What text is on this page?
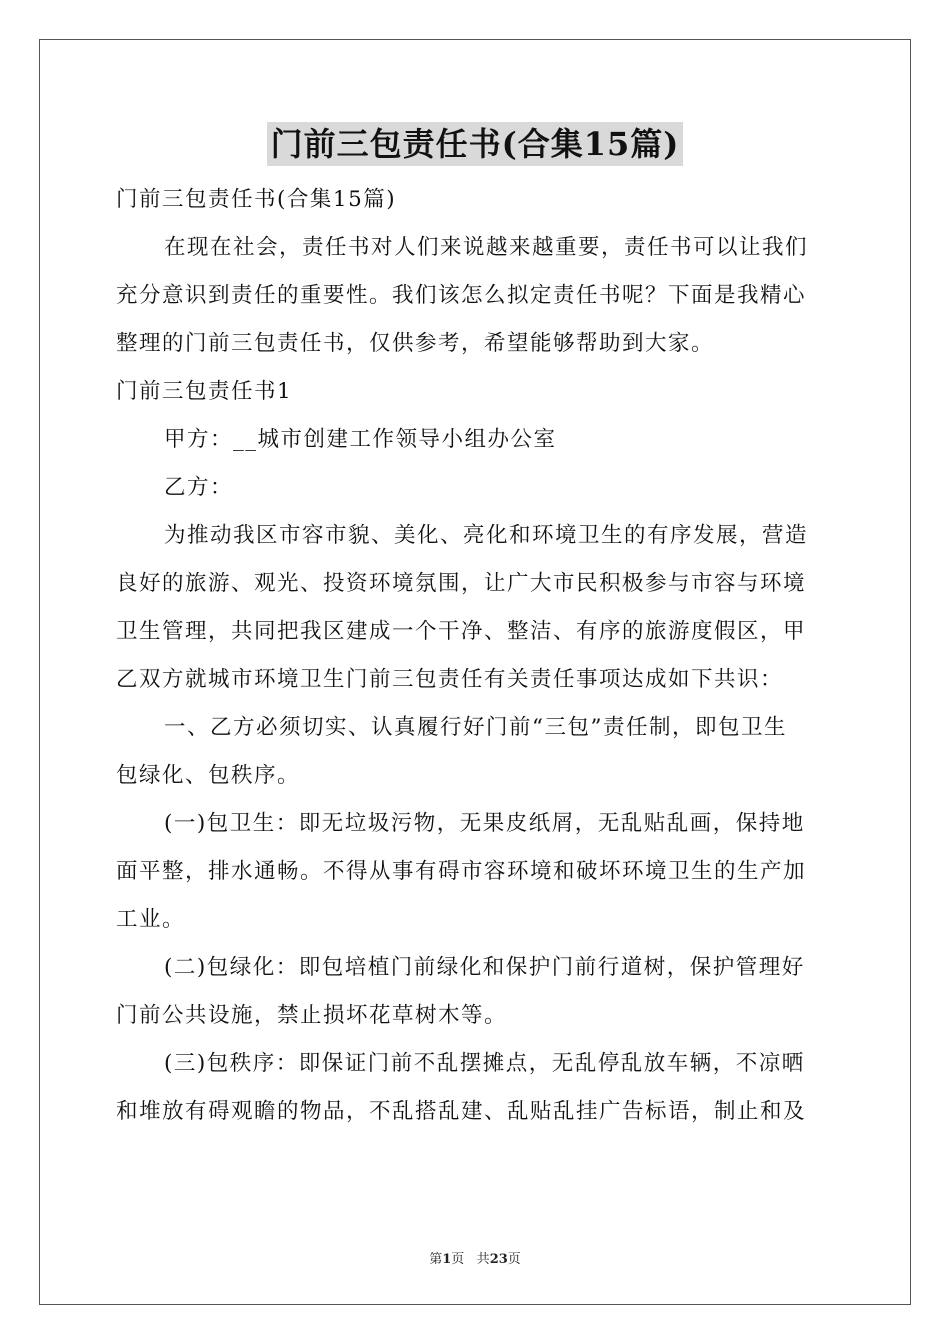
门前三包责任书(合集15篇)
门前三包责任书(合集15篇)
在现在社会，责任书对人们来说越来越重要，责任书可以让我们
充分意识到责任的重要性。我们该怎么拟定责任书呢？下面是我精心
整理的门前三包责任书，仅供参考，希望能够帮助到大家。
门前三包责任书1
甲方：__城市创建工作领导小组办公室
乙方：
为推动我区市容市貌、美化、亮化和环境卫生的有序发展，营造
良好的旅游、观光、投资环境氛围，让广大市民积极参与市容与环境
卫生管理，共同把我区建成一个干净、整洁、有序的旅游度假区，甲
乙双方就城市环境卫生门前三包责任有关责任事项达成如下共识：
一、乙方必须切实、认真履行好门前“三包”责任制，即包卫生
包绿化、包秩序。
(一)包卫生：即无垃圾污物，无果皮纸屑，无乱贴乱画，保持地
面平整，排水通畅。不得从事有碍市容环境和破坏环境卫生的生产加
工业。
(二)包绿化：即包培植门前绿化和保护门前行道树，保护管理好
门前公共设施，禁止损坏花草树木等。
(三)包秩序：即保证门前不乱摆摊点，无乱停乱放车辆，不凉晒
和堆放有碍观瞻的物品，不乱搭乱建、乱贴乱挂广告标语，制止和及
第1页 共23页
